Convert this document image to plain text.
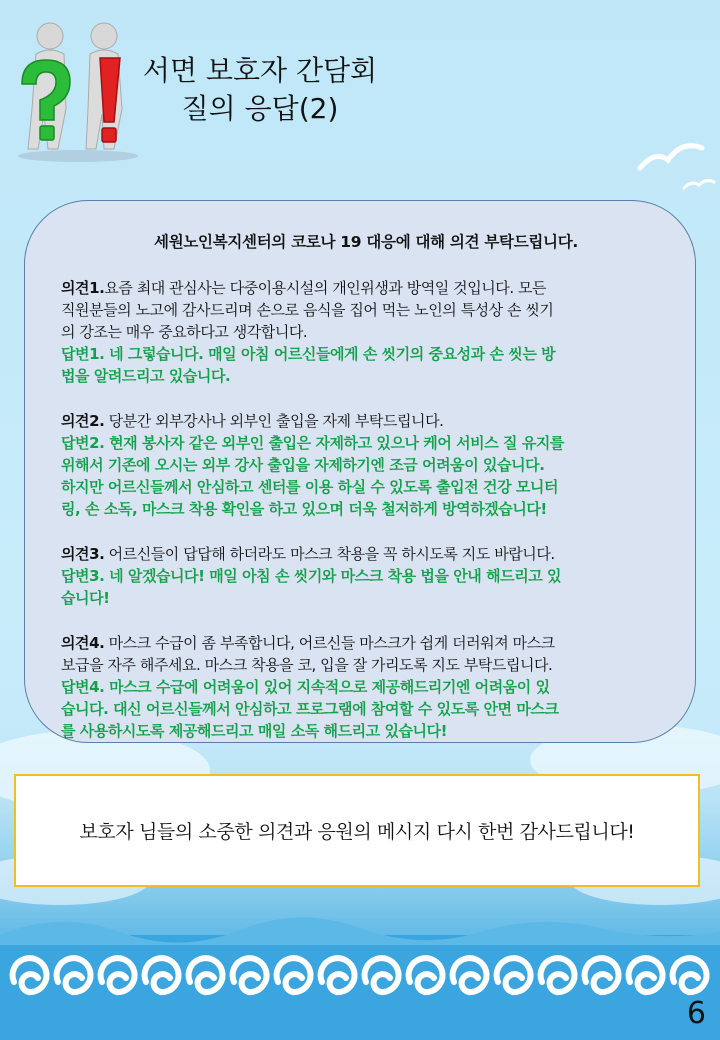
서면 보호자 간담회
질의 응답(2)
세원노인복지센터의 코로나 19 대응에 대해 의견 부탁드립니다.

의견1.요즘 최대 관심사는 다중이용시설의 개인위생과 방역일 것입니다. 모든
직원분들의 노고에 감사드리며 손으로 음식을 집어 먹는 노인의 특성상 손 씻기
의 강조는 매우 중요하다고 생각합니다.

답변1. 네 그렇습니다. 매일 아침 어르신들에게 손 씻기의 중요성과 손 씻는 방
법을 알려드리고 있습니다.

의견2. 당분간 외부강사나 외부인 출입을 자제 부탁드립니다.

답변2. 현재 봉사자 같은 외부인 출입은 자제하고 있으나 케어 서비스 질 유지를
위해서 기존에 오시는 외부 강사 출입을 자제하기엔 조금 어려움이 있습니다.
하지만 어르신들께서 안심하고 센터를 이용 하실 수 있도록 출입전 건강 모니터
링, 손 소독, 마스크 착용 확인을 하고 있으며 더욱 철저하게 방역하겠습니다!

의견3. 어르신들이 답답해 하더라도 마스크 착용을 꼭 하시도록 지도 바랍니다.

답변3. 네 알겠습니다! 매일 아침 손 씻기와 마스크 착용 법을 안내 해드리고 있
습니다!

의견4. 마스크 수급이 좀 부족합니다, 어르신들 마스크가 쉽게 더러워져 마스크
보급을 자주 해주세요. 마스크 착용을 코, 입을 잘 가리도록 지도 부탁드립니다.

답변4. 마스크 수급에 어려움이 있어 지속적으로 제공해드리기엔 어려움이 있
습니다. 대신 어르신들께서 안심하고 프로그램에 참여할 수 있도록 안면 마스크
를 사용하시도록 제공해드리고 매일 소독 해드리고 있습니다!

보호자 님들의 소중한 의견과 응원의 메시지 다시 한번 감사드립니다!
6
